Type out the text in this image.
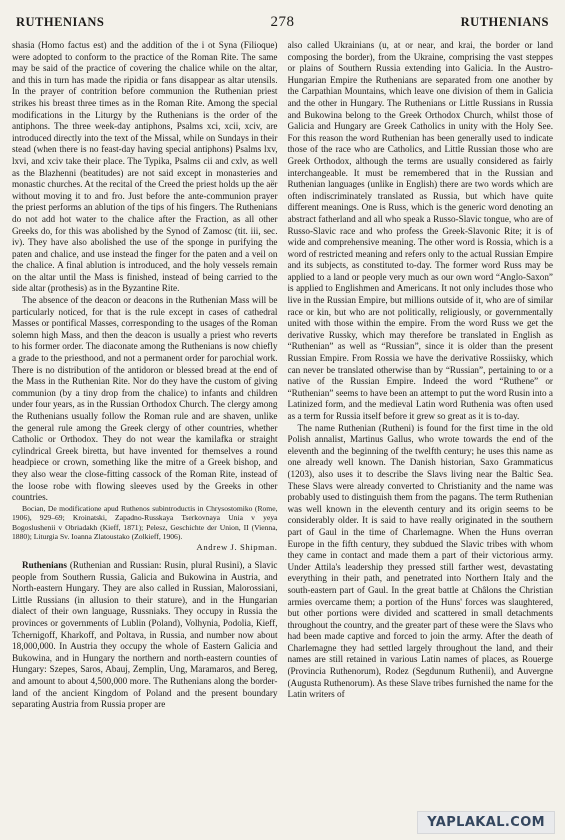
RUTHENIANS	278	RUTHENIANS

shasia (Homo factus est) and the addition of the i ot Syna (Filioque) were adopted to conform to the practice of the Roman Rite. The same may be said of the practice of covering the chalice while on the altar, and this in turn has made the ripidia or fans disappear as altar utensils. In the prayer of contrition before communion the Ruthenian priest strikes his breast three times as in the Roman Rite. Among the special modifications in the Liturgy by the Ruthenians is the order of the antiphons. The three week-day antiphons, Psalms xci, xcii, xciv, are introduced directly into the text of the Missal, while on Sundays in their stead (when there is no feast-day having special antiphons) Psalms lxv, lxvi, and xciv take their place. The Typika, Psalms cii and cxlv, as well as the Blazhenni (beatitudes) are not said except in monasteries and monastic churches. At the recital of the Creed the priest holds up the aër without moving it to and fro. Just before the ante-communion prayer the priest performs an ablution of the tips of his fingers. The Ruthenians do not add hot water to the chalice after the Fraction, as all other Greeks do, for this was abolished by the Synod of Zamosc (tit. iii, sec. iv). They have also abolished the use of the sponge in purifying the paten and chalice, and use instead the finger for the paten and a veil on the chalice. A final ablution is introduced, and the holy vessels remain on the altar until the Mass is finished, instead of being carried to the side altar (prothesis) as in the Byzantine Rite.

The absence of the deacon or deacons in the Ruthenian Mass will be particularly noticed, for that is the rule except in cases of cathedral Masses or pontifical Masses, corresponding to the usages of the Roman solemn high Mass, and then the deacon is usually a priest who reverts to his former order. The diaconate among the Ruthenians is now chiefly a grade to the priesthood, and not a permanent order for parochial work. There is no distribution of the antidoron or blessed bread at the end of the Mass in the Ruthenian Rite. Nor do they have the custom of giving communion (by a tiny drop from the chalice) to infants and children under four years, as in the Russian Orthodox Church. The clergy among the Ruthenians usually follow the Roman rule and are shaven, unlike the general rule among the Greek clergy of other countries, whether Catholic or Orthodox. They do not wear the kamilafka or straight cylindrical Greek biretta, but have invented for themselves a round headpiece or crown, something like the mitre of a Greek bishop, and they also wear the close-fitting cassock of the Roman Rite, instead of the loose robe with flowing sleeves used by the Greeks in other countries.

Bocian, De modificatione apud Ruthenos subintroductis in Chrysostomiko (Rome, 1906), 929–69; Kroinatski, Zapadno-Russkaya Tserkovnaya Unia v yeya Bogoslushenii v Obriadakh (Kieff, 1871); Pelesz, Geschichte der Union, II (Vienna, 1880); Liturgia Sv. Ioanna Zlatoustako (Zolkieff, 1906).

Andrew J. Shipman.

Ruthenians (Ruthenian and Russian: Rusin, plural Rusini), a Slavic people from Southern Russia, Galicia and Bukowina in Austria, and North-eastern Hungary. They are also called in Russian, Malorossiani, Little Russians (in allusion to their stature), and in the Hungarian dialect of their own language, Russniaks. They occupy in Russia the provinces or governments of Lublin (Poland), Volhynia, Podolia, Kieff, Tchernigoff, Kharkoff, and Poltava, in Russia, and number now about 18,000,000. In Austria they occupy the whole of Eastern Galicia and Bukowina, and in Hungary the northern and north-eastern counties of Hungary: Szepes, Saros, Abauj, Zemplin, Ung, Maramaros, and Bereg, and amount to about 4,500,000 more. The Ruthenians along the border-land of the ancient Kingdom of Poland and the present boundary separating Austria from Russia proper are

also called Ukrainians (u, at or near, and krai, the border or land composing the border), from the Ukraine, comprising the vast steppes or plains of Southern Russia extending into Galicia. In the Austro-Hungarian Empire the Ruthenians are separated from one another by the Carpathian Mountains, which leave one division of them in Galicia and the other in Hungary. The Ruthenians or Little Russians in Russia and Bukowina belong to the Greek Orthodox Church, whilst those of Galicia and Hungary are Greek Catholics in unity with the Holy See. For this reason the word Ruthenian has been generally used to indicate those of the race who are Catholics, and Little Russian those who are Greek Orthodox, although the terms are usually considered as fairly interchangeable. It must be remembered that in the Russian and Ruthenian languages (unlike in English) there are two words which are often indiscriminately translated as Russia, but which have quite different meanings. One is Russ, which is the generic word denoting an abstract fatherland and all who speak a Russo-Slavic tongue, who are of Russo-Slavic race and who profess the Greek-Slavonic Rite; it is of wide and comprehensive meaning. The other word is Rossia, which is a word of restricted meaning and refers only to the actual Russian Empire and its subjects, as constituted to-day. The former word Russ may be applied to a land or people very much as our own word “Anglo-Saxon” is applied to Englishmen and Americans. It not only includes those who live in the Russian Empire, but millions outside of it, who are of similar race or kin, but who are not politically, religiously, or governmentally united with those within the empire. From the word Russ we get the derivative Russky, which may therefore be translated in English as “Ruthenian” as well as “Russian”, since it is older than the present Russian Empire. From Rossia we have the derivative Rossiisky, which can never be translated otherwise than by “Russian”, pertaining to or a native of the Russian Empire. Indeed the word “Ruthene” or “Ruthenian” seems to have been an attempt to put the word Rusin into a Latinized form, and the medieval Latin word Ruthenia was often used as a term for Russia itself before it grew so great as it is to-day.

The name Ruthenian (Rutheni) is found for the first time in the old Polish annalist, Martinus Gallus, who wrote towards the end of the eleventh and the beginning of the twelfth century; he uses this name as one already well known. The Danish historian, Saxo Grammaticus (1203), also uses it to describe the Slavs living near the Baltic Sea. These Slavs were already converted to Christianity and the name was probably used to distinguish them from the pagans. The term Ruthenian was well known in the eleventh century and its origin seems to be considerably older. It is said to have really originated in the southern part of Gaul in the time of Charlemagne. When the Huns overran Europe in the fifth century, they subdued the Slavic tribes with whom they came in contact and made them a part of their victorious army. Under Attila's leadership they pressed still farther west, devastating everything in their path, and penetrated into Northern Italy and the south-eastern part of Gaul. In the great battle at Châlons the Christian armies overcame them; a portion of the Huns' forces was slaughtered, but other portions were divided and scattered in small detachments throughout the country, and the greater part of these were the Slavs who had been made captive and forced to join the army. After the death of Charlemagne they had settled largely throughout the land, and their names are still retained in various Latin names of places, as Rouerge (Provincia Ruthenorum), Rodez (Segdunum Ruthenii), and Auvergne (Augusta Ruthenorum). As these Slave tribes furnished the name for the Latin writers of

YAPLAKAL.COM
